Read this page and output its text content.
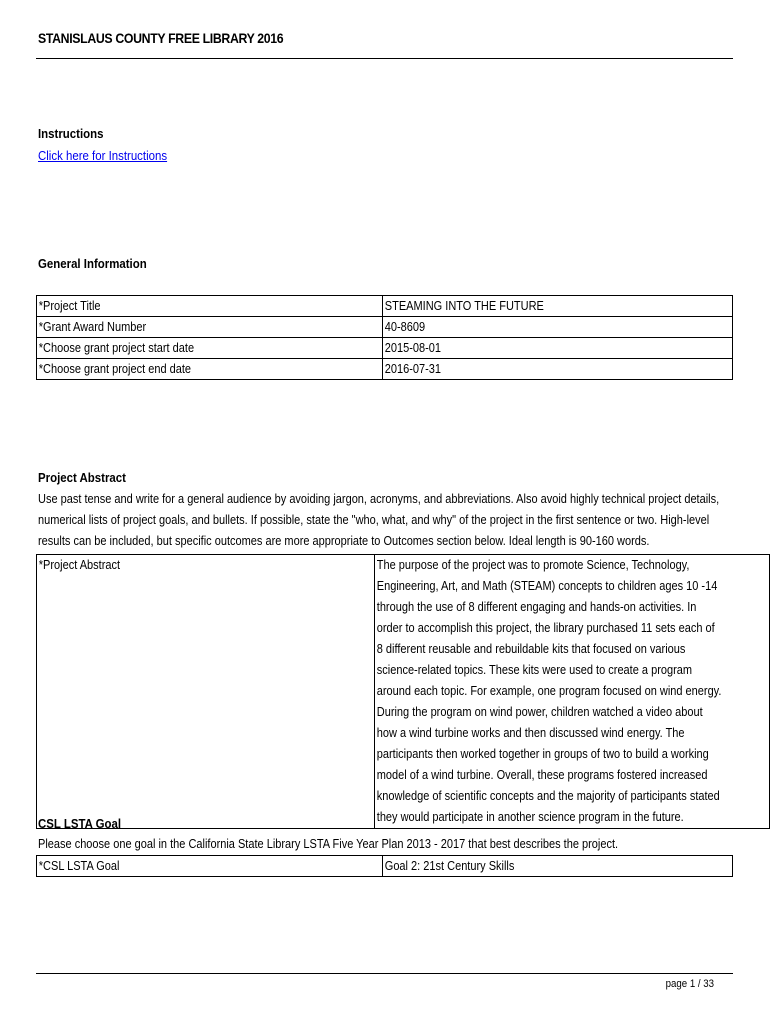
STANISLAUS COUNTY FREE LIBRARY 2016
Instructions
Click here for Instructions
General Information
*Project Title	STEAMING INTO THE FUTURE

*Grant Award Number	40-8609

*Choose grant project start date	2015-08-01

*Choose grant project end date	2016-07-31
Project Abstract
Use past tense and write for a general audience by avoiding jargon, acronyms, and abbreviations. Also avoid highly technical project details, numerical lists of project goals, and bullets. If possible, state the "who, what, and why" of the project in the first sentence or two. High-level results can be included, but specific outcomes are more appropriate to Outcomes section below. Ideal length is 90-160 words.
*Project Abstract	The purpose of the project was to promote Science, Technology, Engineering, Art, and Math (STEAM) concepts to children ages 10 -14 through the use of 8 different engaging and hands-on activities. In order to accomplish this project, the library purchased 11 sets each of 8 different reusable and rebuildable kits that focused on various science-related topics. These kits were used to create a program around each topic. For example, one program focused on wind energy. During the program on wind power, children watched a video about how a wind turbine works and then discussed wind energy. The participants then worked together in groups of two to build a working model of a wind turbine. Overall, these programs fostered increased knowledge of scientific concepts and the majority of participants stated they would participate in another science program in the future.
CSL LSTA Goal
Please choose one goal in the California State Library LSTA Five Year Plan 2013 - 2017 that best describes the project.
*CSL LSTA Goal	Goal 2: 21st Century Skills
page 1 / 33
